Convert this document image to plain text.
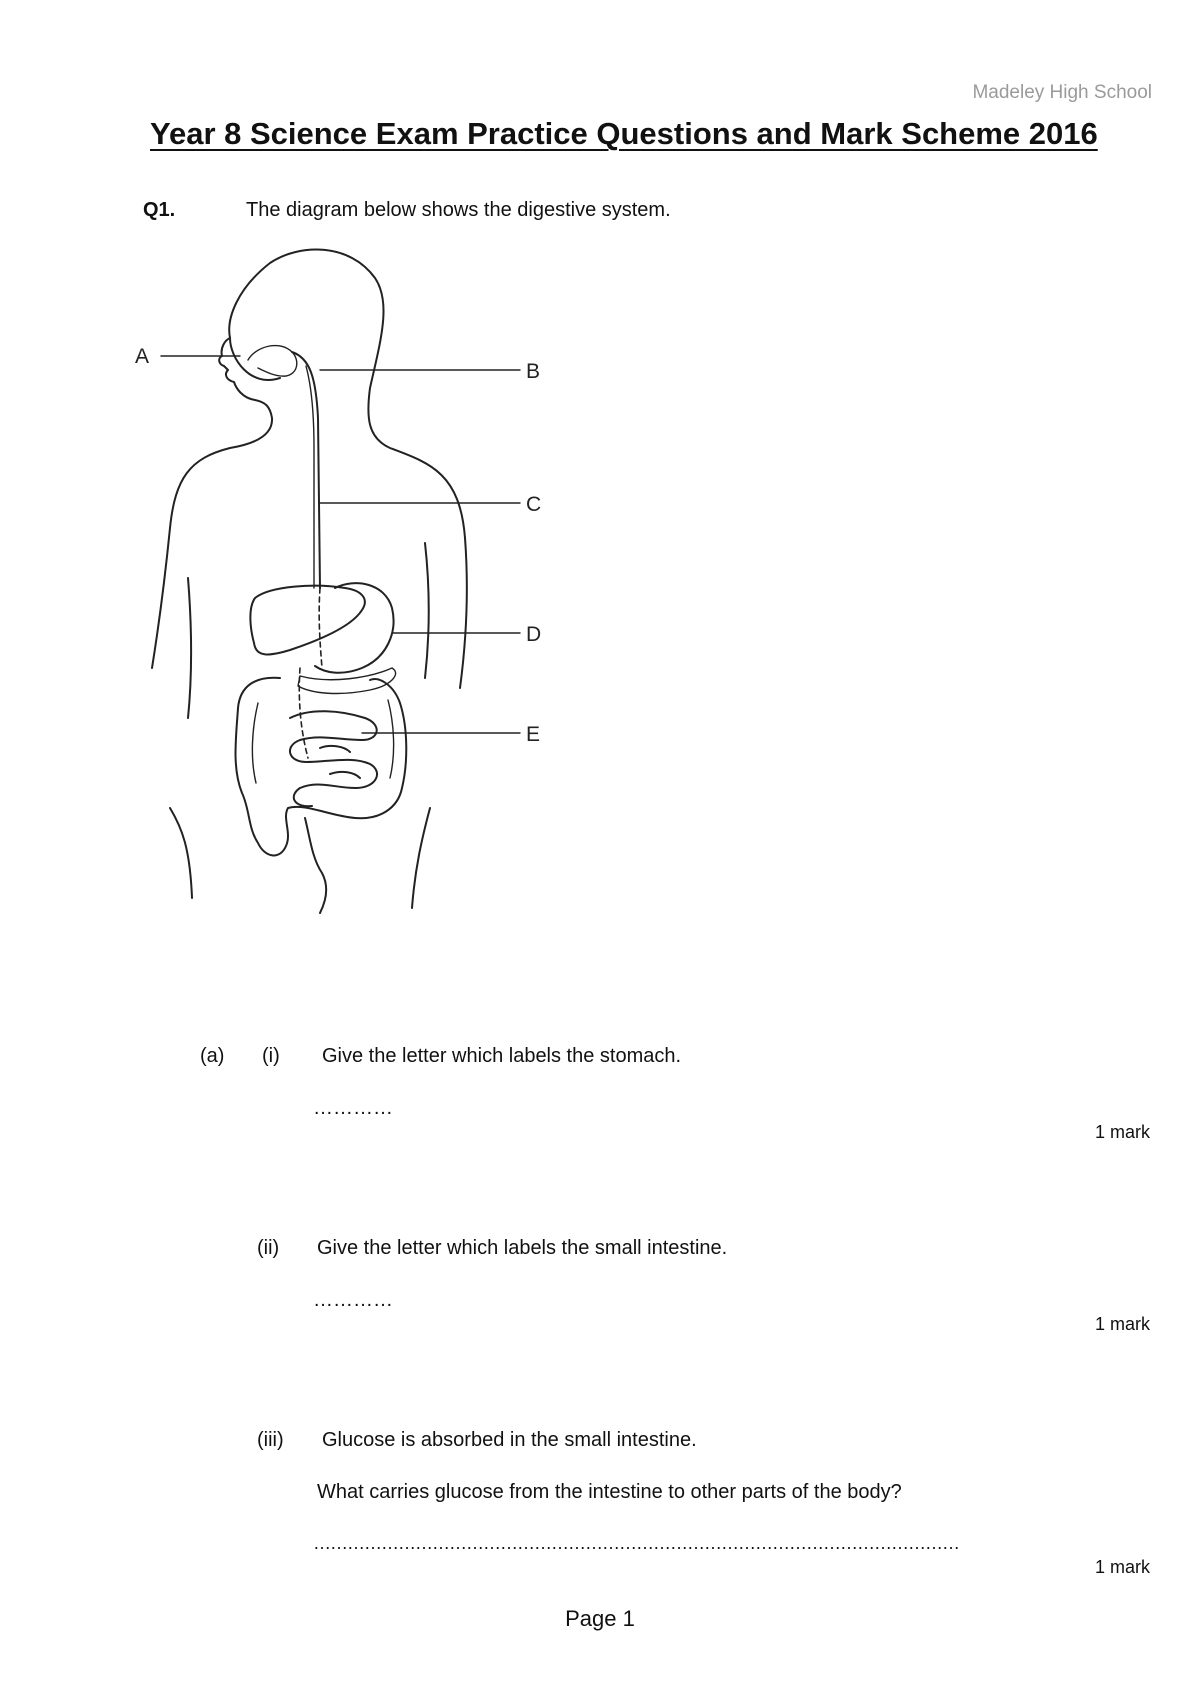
Madeley High School
Year 8 Science Exam Practice Questions and Mark Scheme 2016
Q1.	The diagram below shows the digestive system.
A
B
C
D
E
(a) (i) Give the letter which labels the stomach.
…………
1 mark
(ii) Give the letter which labels the small intestine.
…………
1 mark
(iii) Glucose is absorbed in the small intestine.
What carries glucose from the intestine to other parts of the body?
……………………………………………………………………………………………………
1 mark
Page 1
